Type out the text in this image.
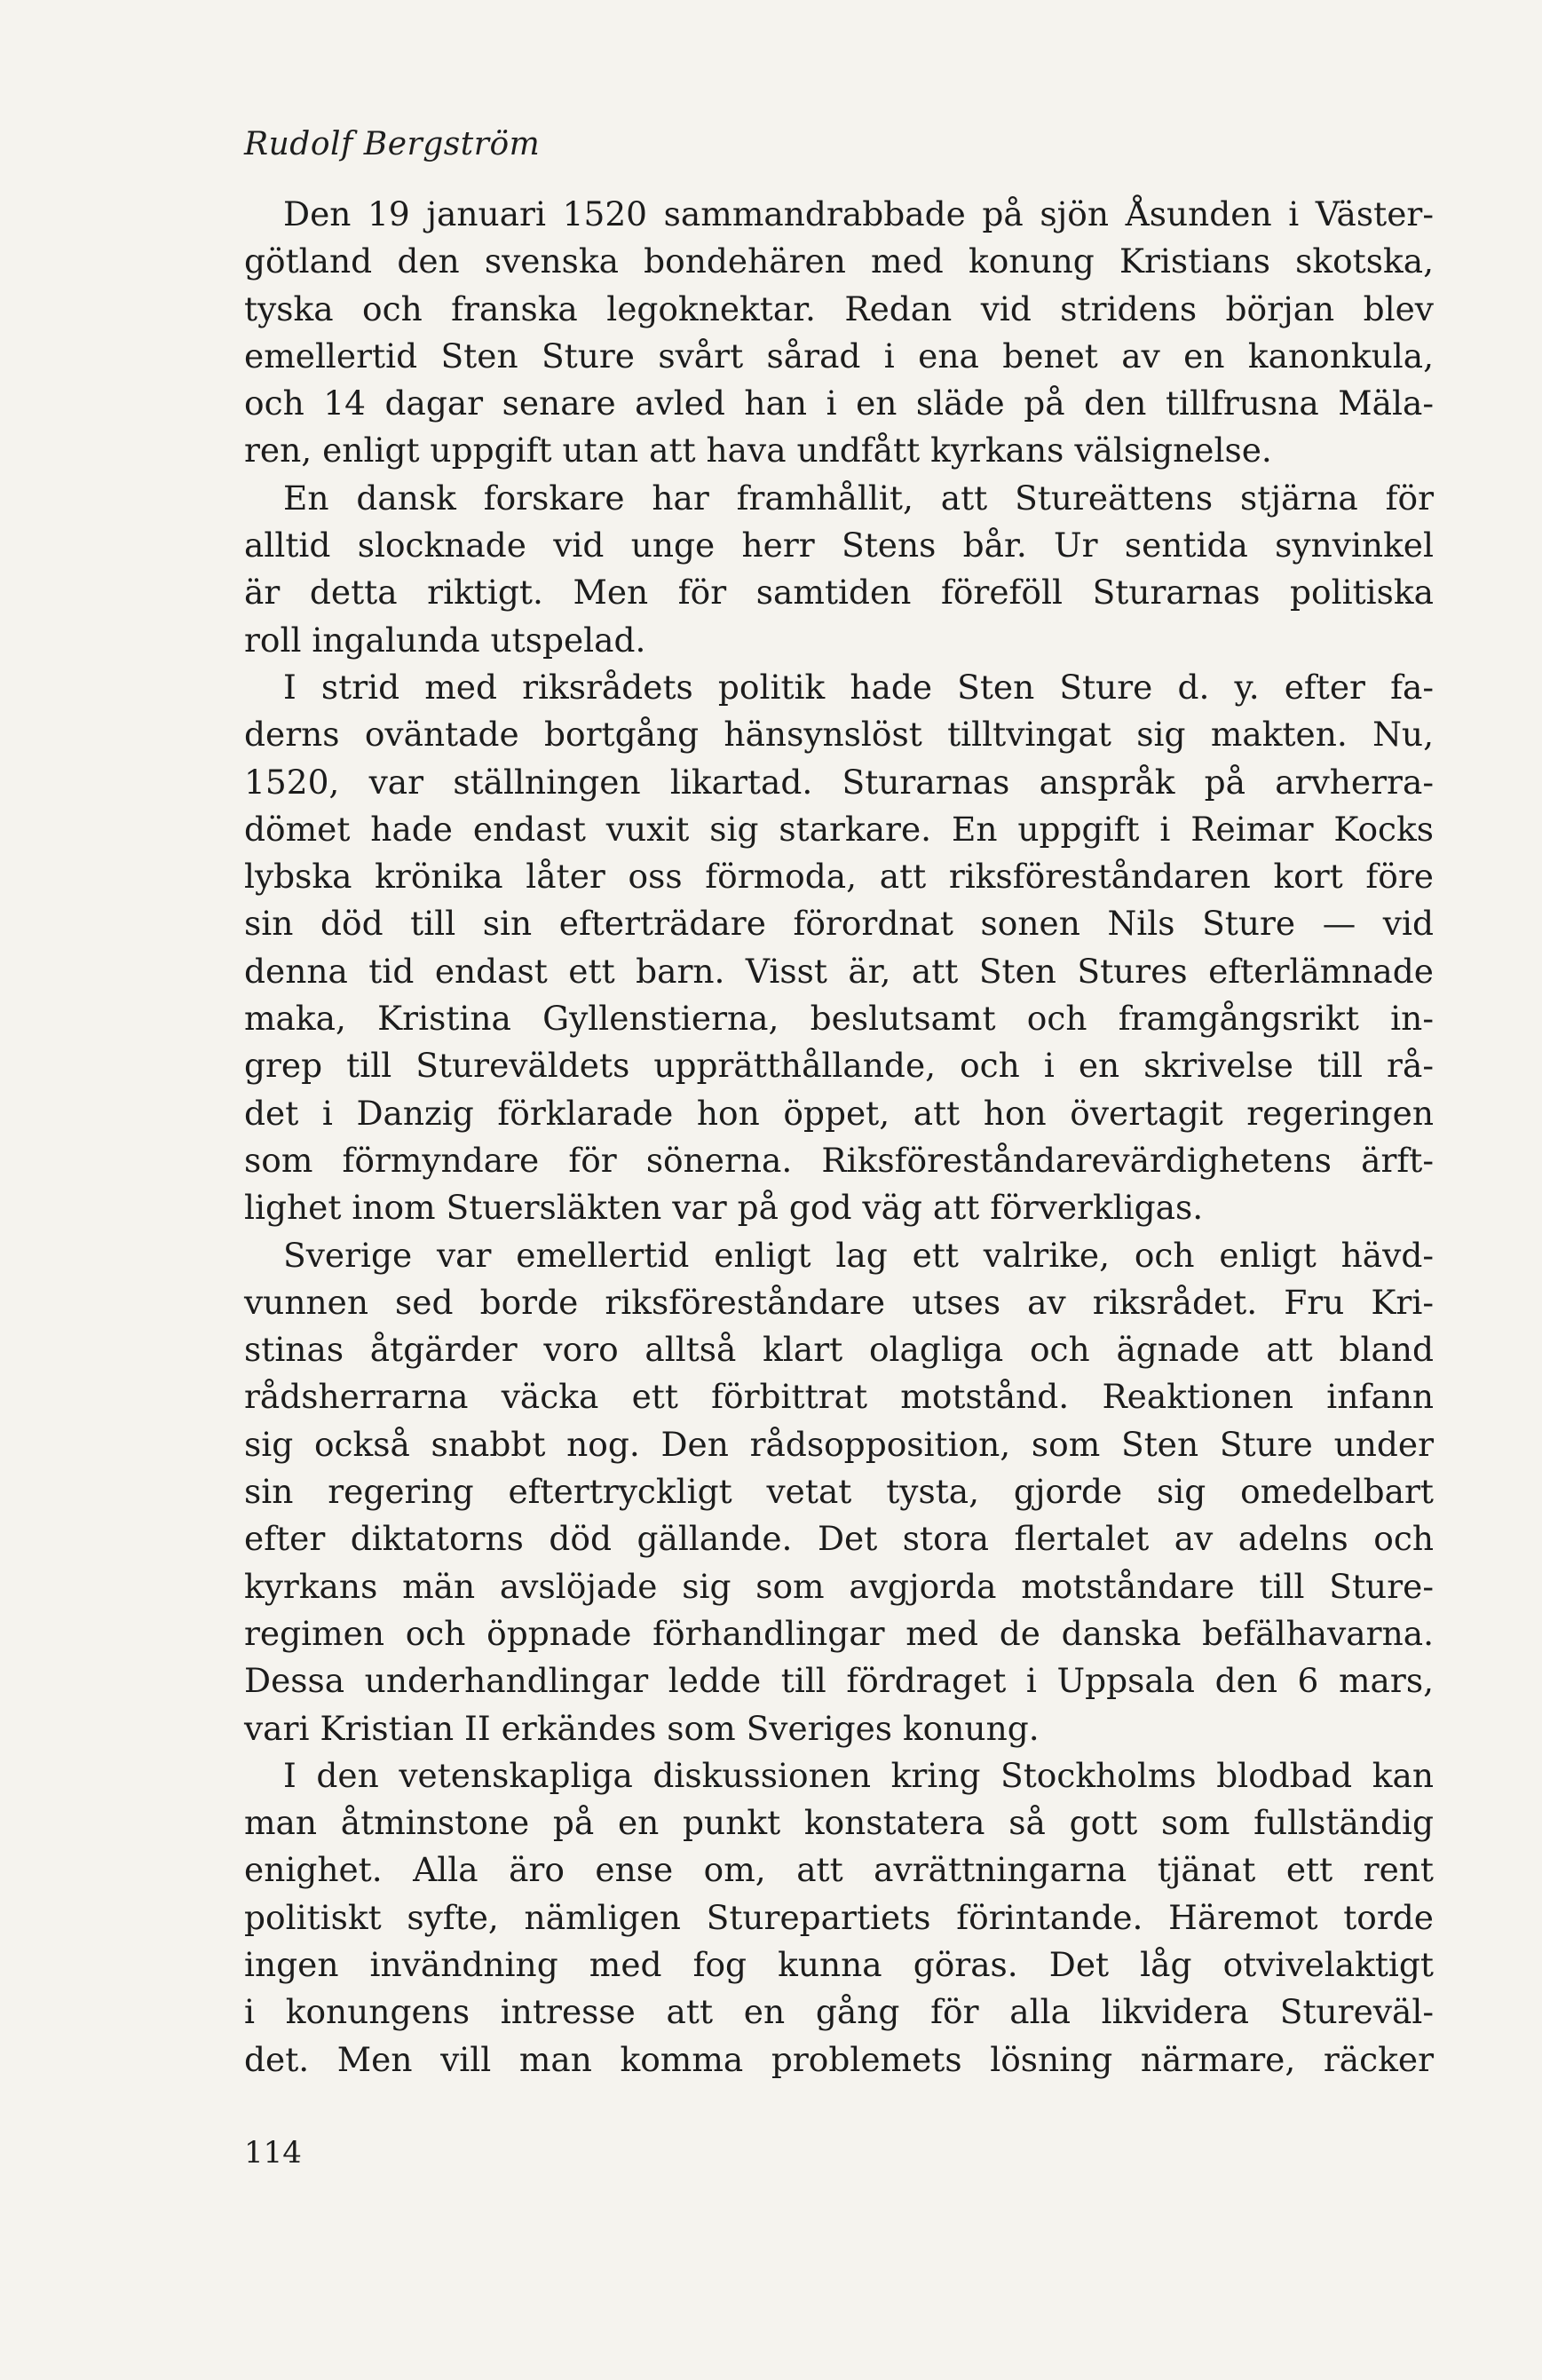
Rudolf Bergström
Den 19 januari 1520 sammandrabbade på sjön Åsunden i Väster-
götland den svenska bondehären med konung Kristians skotska,
tyska och franska legoknektar. Redan vid stridens början blev
emellertid Sten Sture svårt sårad i ena benet av en kanonkula,
och 14 dagar senare avled han i en släde på den tillfrusna Mäla-
ren, enligt uppgift utan att hava undfått kyrkans välsignelse.
En dansk forskare har framhållit, att Stureättens stjärna för
alltid slocknade vid unge herr Stens bår. Ur sentida synvinkel
är detta riktigt. Men för samtiden föreföll Sturarnas politiska
roll ingalunda utspelad.
I strid med riksrådets politik hade Sten Sture d. y. efter fa-
derns oväntade bortgång hänsynslöst tilltvingat sig makten. Nu,
1520, var ställningen likartad. Sturarnas anspråk på arvherra-
dömet hade endast vuxit sig starkare. En uppgift i Reimar Kocks
lybska krönika låter oss förmoda, att riksföreståndaren kort före
sin död till sin efterträdare förordnat sonen Nils Sture — vid
denna tid endast ett barn. Visst är, att Sten Stures efterlämnade
maka, Kristina Gyllenstierna, beslutsamt och framgångsrikt in-
grep till Stureväldets upprätthållande, och i en skrivelse till rå-
det i Danzig förklarade hon öppet, att hon övertagit regeringen
som förmyndare för sönerna. Riksföreståndarevärdighetens ärft-
lighet inom Stuersläkten var på god väg att förverkligas.
Sverige var emellertid enligt lag ett valrike, och enligt hävd-
vunnen sed borde riksföreståndare utses av riksrådet. Fru Kri-
stinas åtgärder voro alltså klart olagliga och ägnade att bland
rådsherrarna väcka ett förbittrat motstånd. Reaktionen infann
sig också snabbt nog. Den rådsopposition, som Sten Sture under
sin regering eftertryckligt vetat tysta, gjorde sig omedelbart
efter diktatorns död gällande. Det stora flertalet av adelns och
kyrkans män avslöjade sig som avgjorda motståndare till Sture-
regimen och öppnade förhandlingar med de danska befälhavarna.
Dessa underhandlingar ledde till fördraget i Uppsala den 6 mars,
vari Kristian II erkändes som Sveriges konung.
I den vetenskapliga diskussionen kring Stockholms blodbad kan
man åtminstone på en punkt konstatera så gott som fullständig
enighet. Alla äro ense om, att avrättningarna tjänat ett rent
politiskt syfte, nämligen Sturepartiets förintande. Häremot torde
ingen invändning med fog kunna göras. Det låg otvivelaktigt
i konungens intresse att en gång för alla likvidera Stureväl-
det. Men vill man komma problemets lösning närmare, räcker
114
